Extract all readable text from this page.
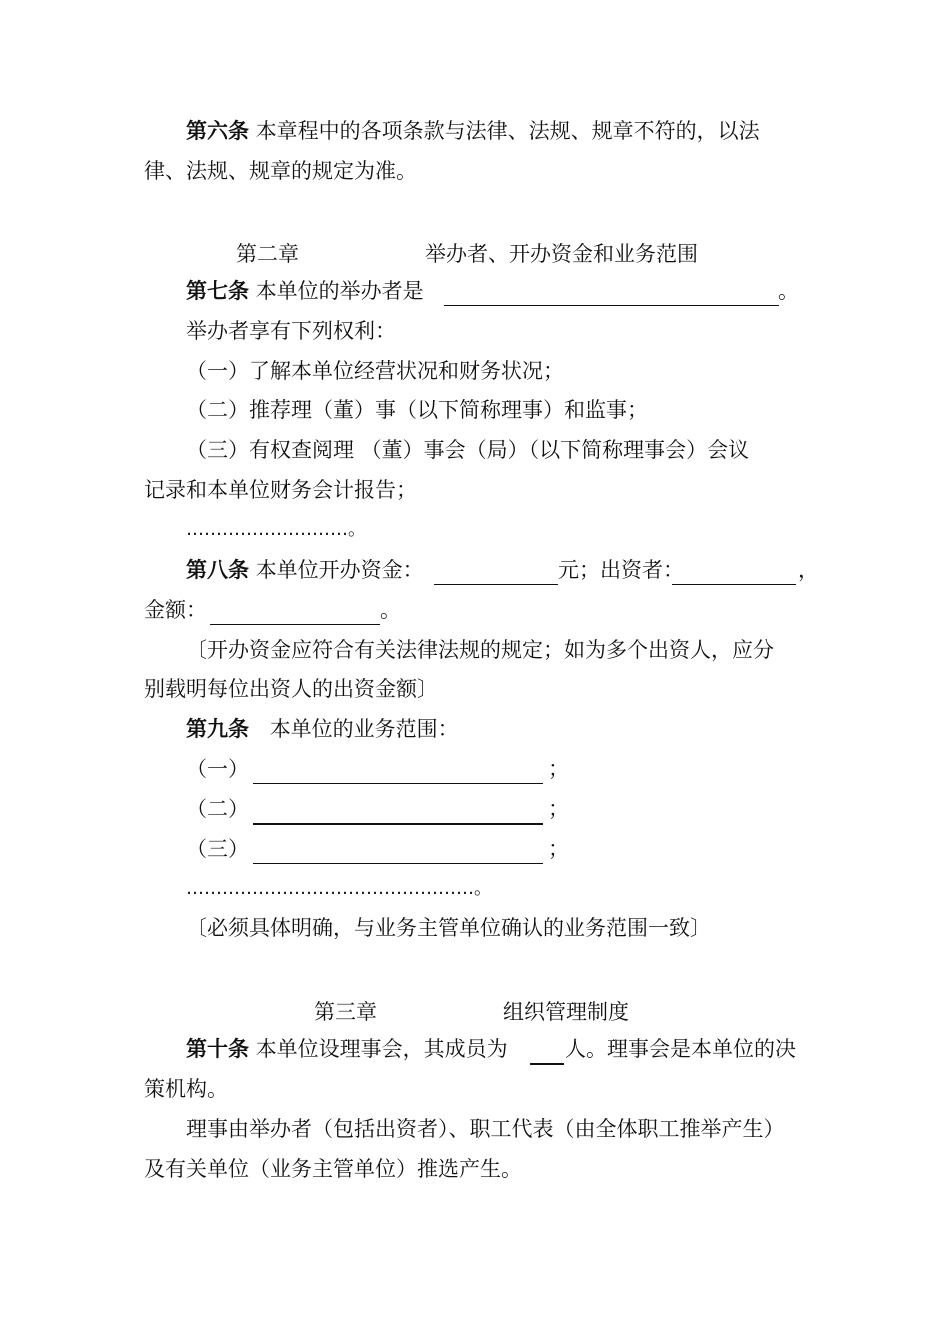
第六条 本章程中的各项条款与法律、法规、规章不符的，以法
律、法规、规章的规定为准。
第二章	举办者、开办资金和业务范围
第七条 本单位的举办者是	。
举办者享有下列权利：
（一）了解本单位经营状况和财务状况；
（二）推荐理（董）事（以下简称理事）和监事；
（三）有权查阅理 （董）事会（局）（以下简称理事会）会议
记录和本单位财务会计报告；
………………………。
第八条 本单位开办资金：	元；出资者：	，
金额：	。
〔开办资金应符合有关法律法规的规定；如为多个出资人，应分
别载明每位出资人的出资金额〕
第九条 本单位的业务范围：
（一）	；
（二）	；
（三）	；
…………………………………………。
〔必须具体明确，与业务主管单位确认的业务范围一致〕
第三章	组织管理制度
第十条 本单位设理事会，其成员为	人。理事会是本单位的决
策机构。
理事由举办者（包括出资者）、职工代表（由全体职工推举产生）
及有关单位（业务主管单位）推选产生。
